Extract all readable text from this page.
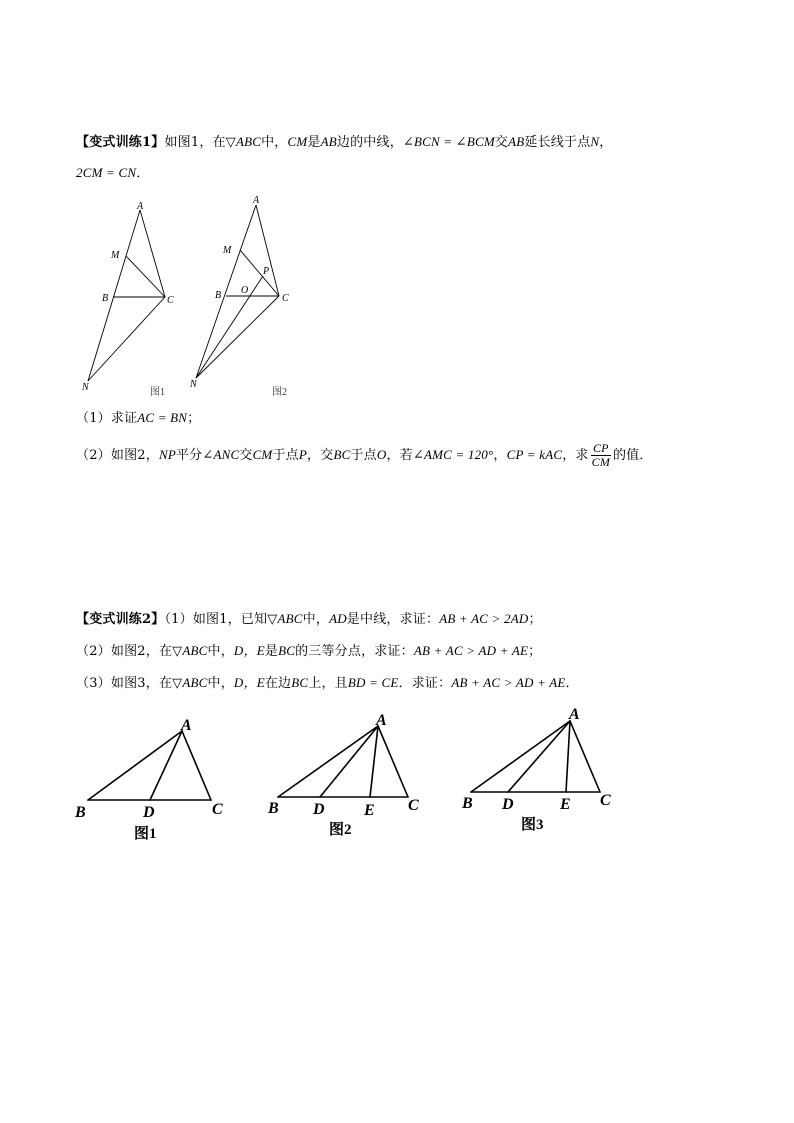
【变式训练1】如图1，在▽ABC中，CM是AB边的中线，∠BCN = ∠BCM交AB延长线于点N，
2CM = CN．
A
M
B	C
N
A
M
P
B O
C
N
图1	图2
（1）求证AC = BN；
（2）如图2，NP平分∠ANC交CM于点P，交BC于点O，若∠AMC = 120°，CP = kAC，求 $\frac{CP}{CM}$ 的值．
【变式训练2】（1）如图1，已知▽ABC中，AD是中线，求证：AB + AC > 2AD；
（2）如图2，在▽ABC中，D，E是BC的三等分点，求证：AB + AC > AD + AE；
（3）如图3，在▽ABC中，D，E在边BC上，且BD = CE．求证：AB + AC > AD + AE．
A
B	D	C
A
B D E C
A
B D	E C
图1	图2	图3
